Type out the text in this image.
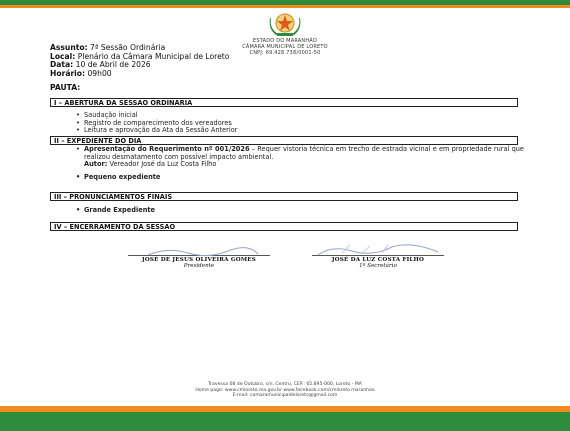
ESTADO DO MARANHÃO
CÂMARA MUNICIPAL DE LORETO
CNPJ: 69.428.738/0001-50
Assunto: 7ª Sessão Ordinária
Local: Plenário da Câmara Municipal de Loreto
Data: 10 de Abril de 2026
Horário: 09h00
PAUTA:
I – ABERTURA DA SESSÃO ORDINÁRIA
• Saudação inicial
• Registro de comparecimento dos vereadores
• Leitura e aprovação da Ata da Sessão Anterior
II – EXPEDIENTE DO DIA
• Apresentação do Requerimento nº 001/2026 – Requer vistoria técnica em trecho de estrada vicinal e em propriedade rural que realizou desmatamento com possível impacto ambiental.
Autor: Vereador José da Luz Costa Filho
• Pequeno expediente
III – PRONUNCIAMENTOS FINAIS
• Grande Expediente
IV – ENCERRAMENTO DA SESSÃO
JOSÉ DE JESUS OLIVEIRA GOMES
Presidente
JOSÉ DA LUZ COSTA FILHO
1º Secretário
Travessa 08 de Outubro, s/n, Centro, CEP.: 65.895-000, Loreto - MA
Home page: www.cmloreto.ma.gov.br www.facebook.com/cmloreto.maranhao
E-mail: camaramunicipaldeloreto@gmail.com
